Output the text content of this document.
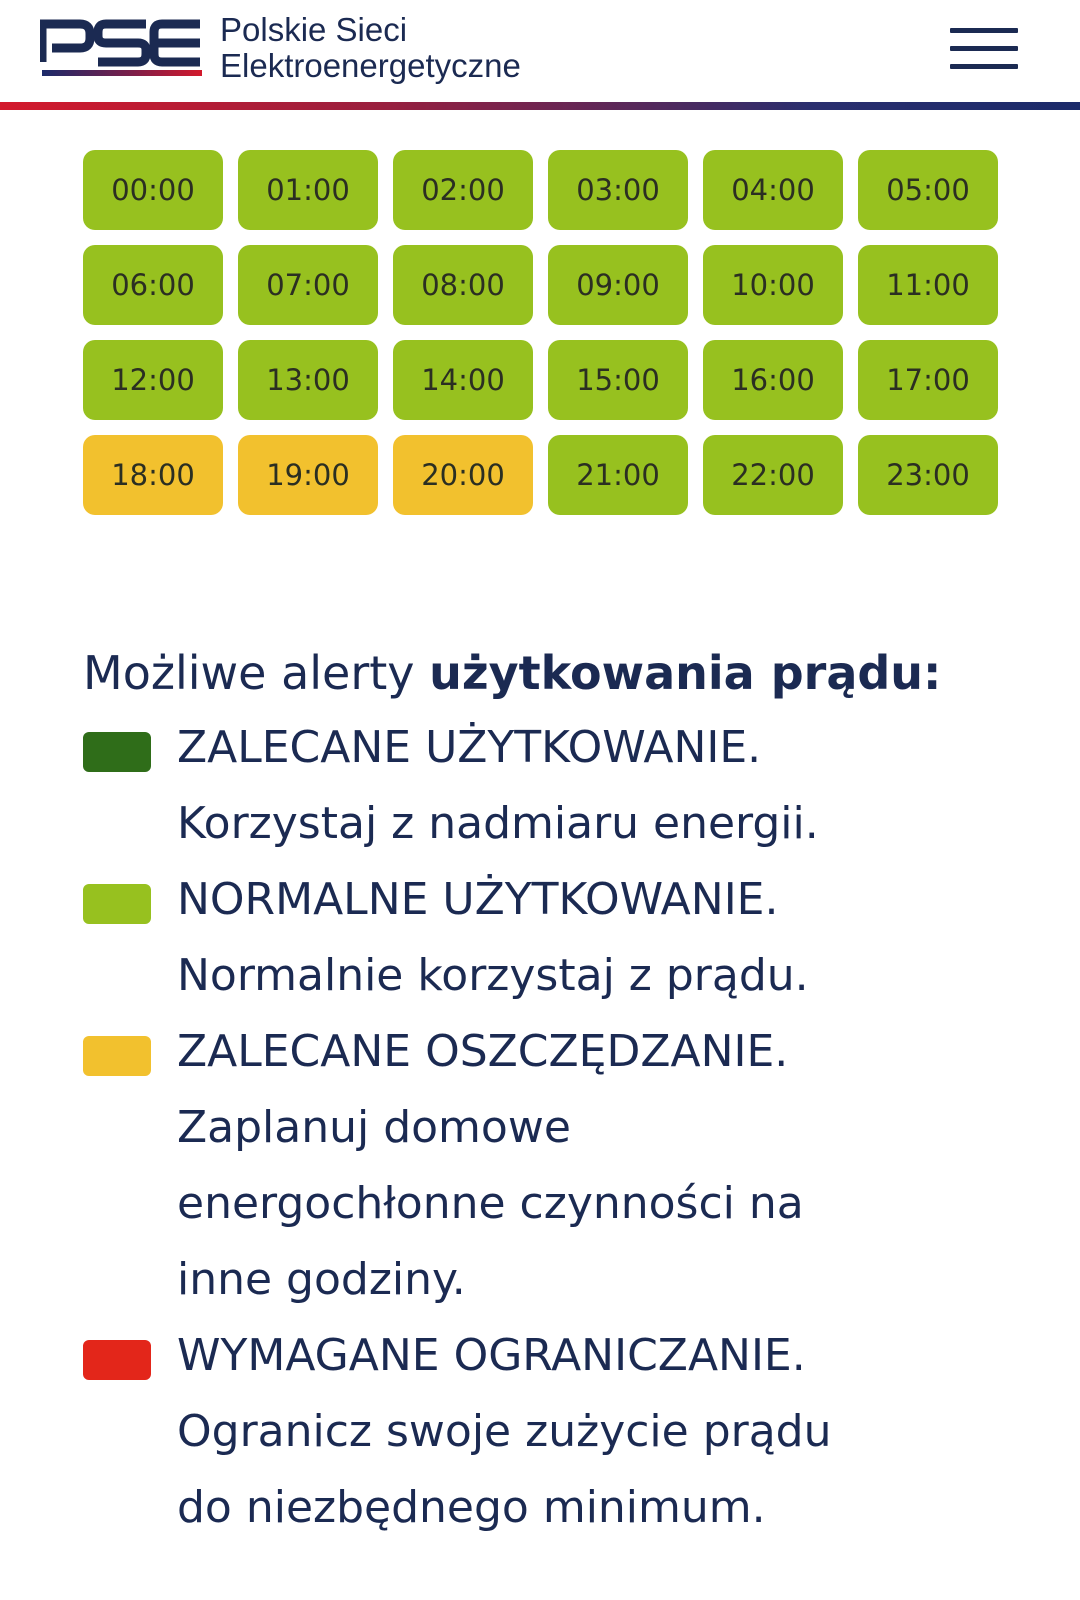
Polskie Sieci
Elektroenergetyczne
00:00	01:00	02:00	03:00	04:00	05:00
06:00	07:00	08:00	09:00	10:00	11:00
12:00	13:00	14:00	15:00	16:00	17:00
18:00	19:00	20:00	21:00	22:00	23:00
Możliwe alerty użytkowania prądu:
ZALECANE UŻYTKOWANIE.
Korzystaj z nadmiaru energii.
NORMALNE UŻYTKOWANIE.
Normalnie korzystaj z prądu.
ZALECANE OSZCZĘDZANIE.
Zaplanuj domowe
energochłonne czynności na
inne godziny.
WYMAGANE OGRANICZANIE.
Ogranicz swoje zużycie prądu
do niezbędnego minimum.
